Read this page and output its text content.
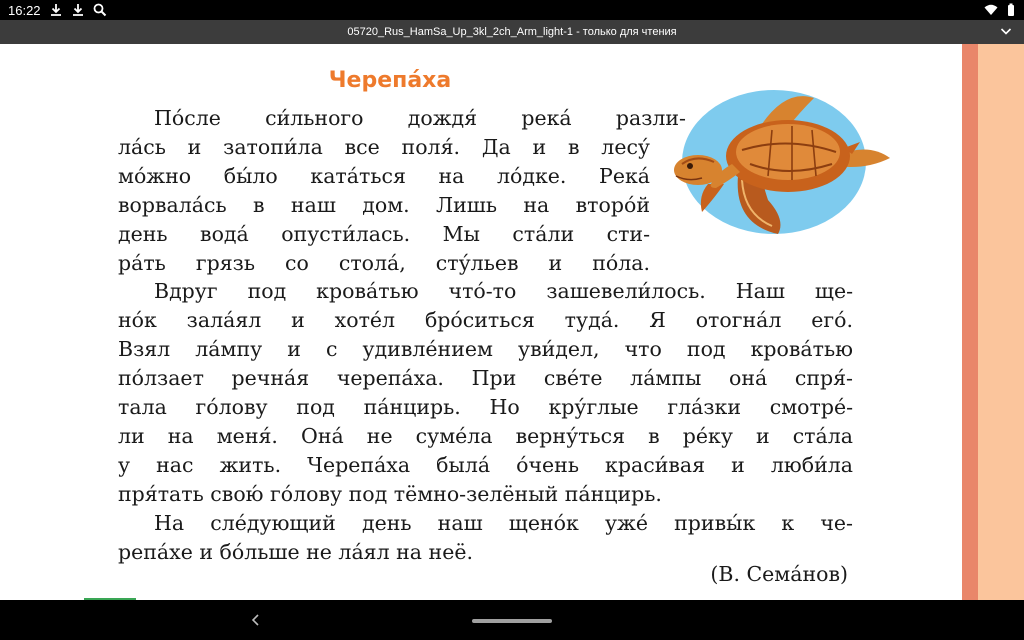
16:22
05720_Rus_HamSa_Up_3kl_2ch_Arm_light-1 - только для чтения
Черепа́ха
По́сле си́льного дождя́ река́ разли-
ла́сь и затопи́ла все поля́. Да и в лесу́
мо́жно бы́ло ката́ться на ло́дке. Река́
ворвала́сь в наш дом. Лишь на второ́й
день вода́ опусти́лась. Мы ста́ли сти-
ра́ть грязь со стола́, сту́льев и по́ла.
Вдруг под крова́тью что́-то зашевели́лось. Наш ще-
но́к зала́ял и хоте́л бро́ситься туда́. Я отогна́л его́.
Взял ла́мпу и с удивле́нием уви́дел, что под крова́тью
по́лзает речна́я черепа́ха. При све́те ла́мпы она́ спря́-
тала го́лову под па́нцирь. Но кру́глые гла́зки смотре́-
ли на меня́. Она́ не суме́ла верну́ться в ре́ку и ста́ла
у нас жить. Черепа́ха была́ о́чень краси́вая и люби́ла
пря́тать свою́ го́лову под тёмно-зелёный па́нцирь.
На сле́дующий день наш щено́к уже́ привы́к к че-
репа́хе и бо́льше не ла́ял на неё.
(В. Сема́нов)
